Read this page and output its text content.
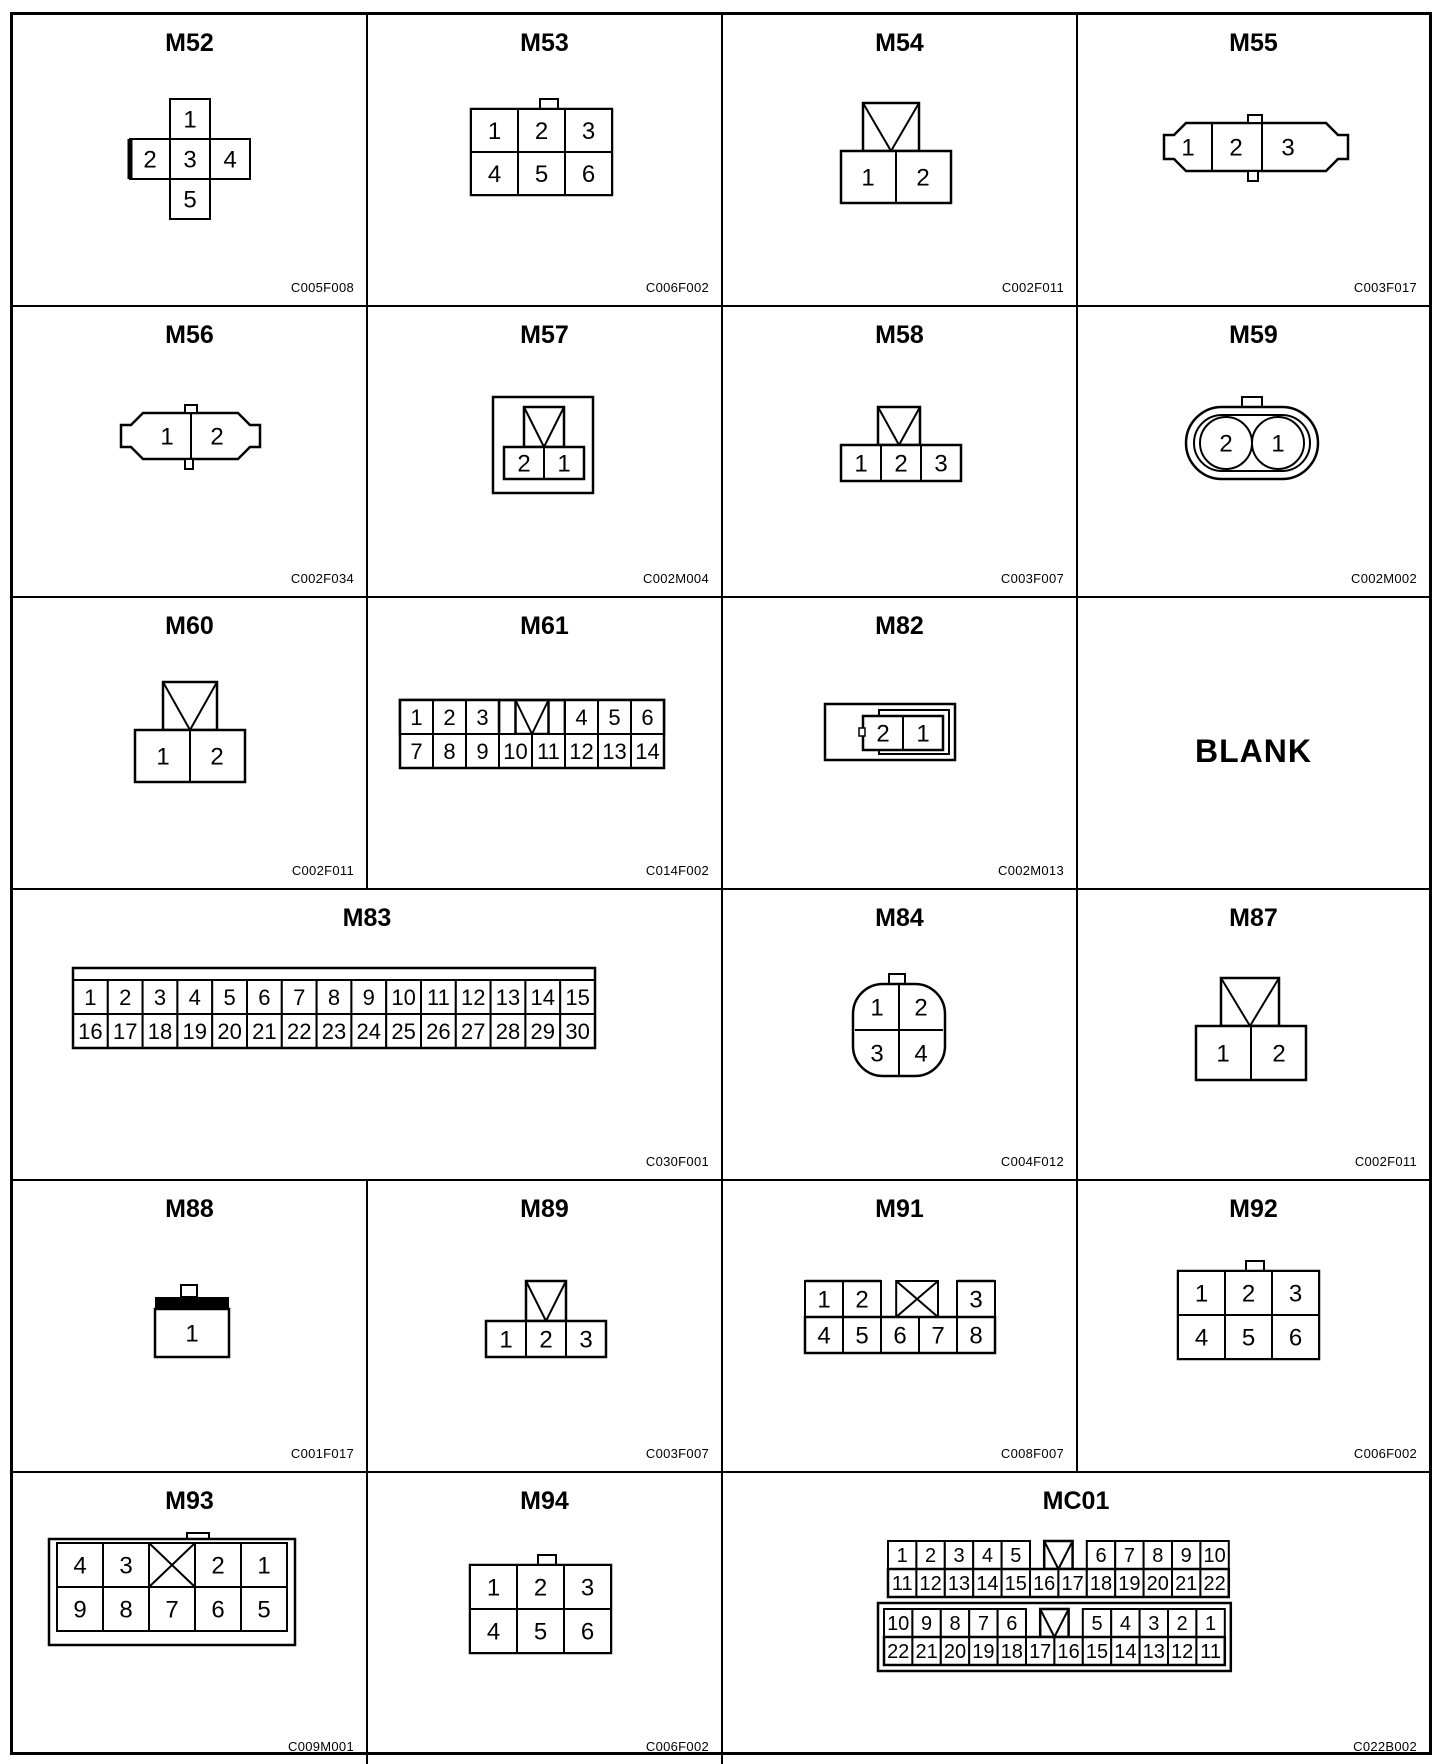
M52
1
2 3 4
5
C005F008
M53
1 2 3
4 5 6
C006F002
M54
1 2
C002F011
M55
1 2 3
C003F017
M56
1 2
C002F034
M57
2 1
C002M004
M58
1 2 3
C003F007
M59
2 1
C002M002
M60
1 2
C002F011
M61
1 2 3	4 5 6
7 8 9 10 11 12 13 14
C014F002
M82
2 1
C002M013
BLANK
M83
1 2 3 4 5 6 7 8 9 10 11 12 13 14 15
16 17 18 19 20 21 22 23 24 25 26 27 28 29 30
C030F001
M84
1 2
3 4
C004F012
M87
1 2
C002F011
M88
1
C001F017
M89
1 2 3
C003F007
M91
1 2	3
4 5 6 7 8
C008F007
M92
1 2 3
4 5 6
C006F002
M93
4 3	2 1
9 8 7 6 5
C009M001
M94
1 2 3
4 5 6
C006F002
MC01
1 2 3 4 5	6 7 8 9 10
11 12 13 14 15 16 17 18 19 20 21 22
10 9 8 7 6	5 4 3 2 1
22 21 20 19 18 17 16 15 14 13 12 11
C022B002
